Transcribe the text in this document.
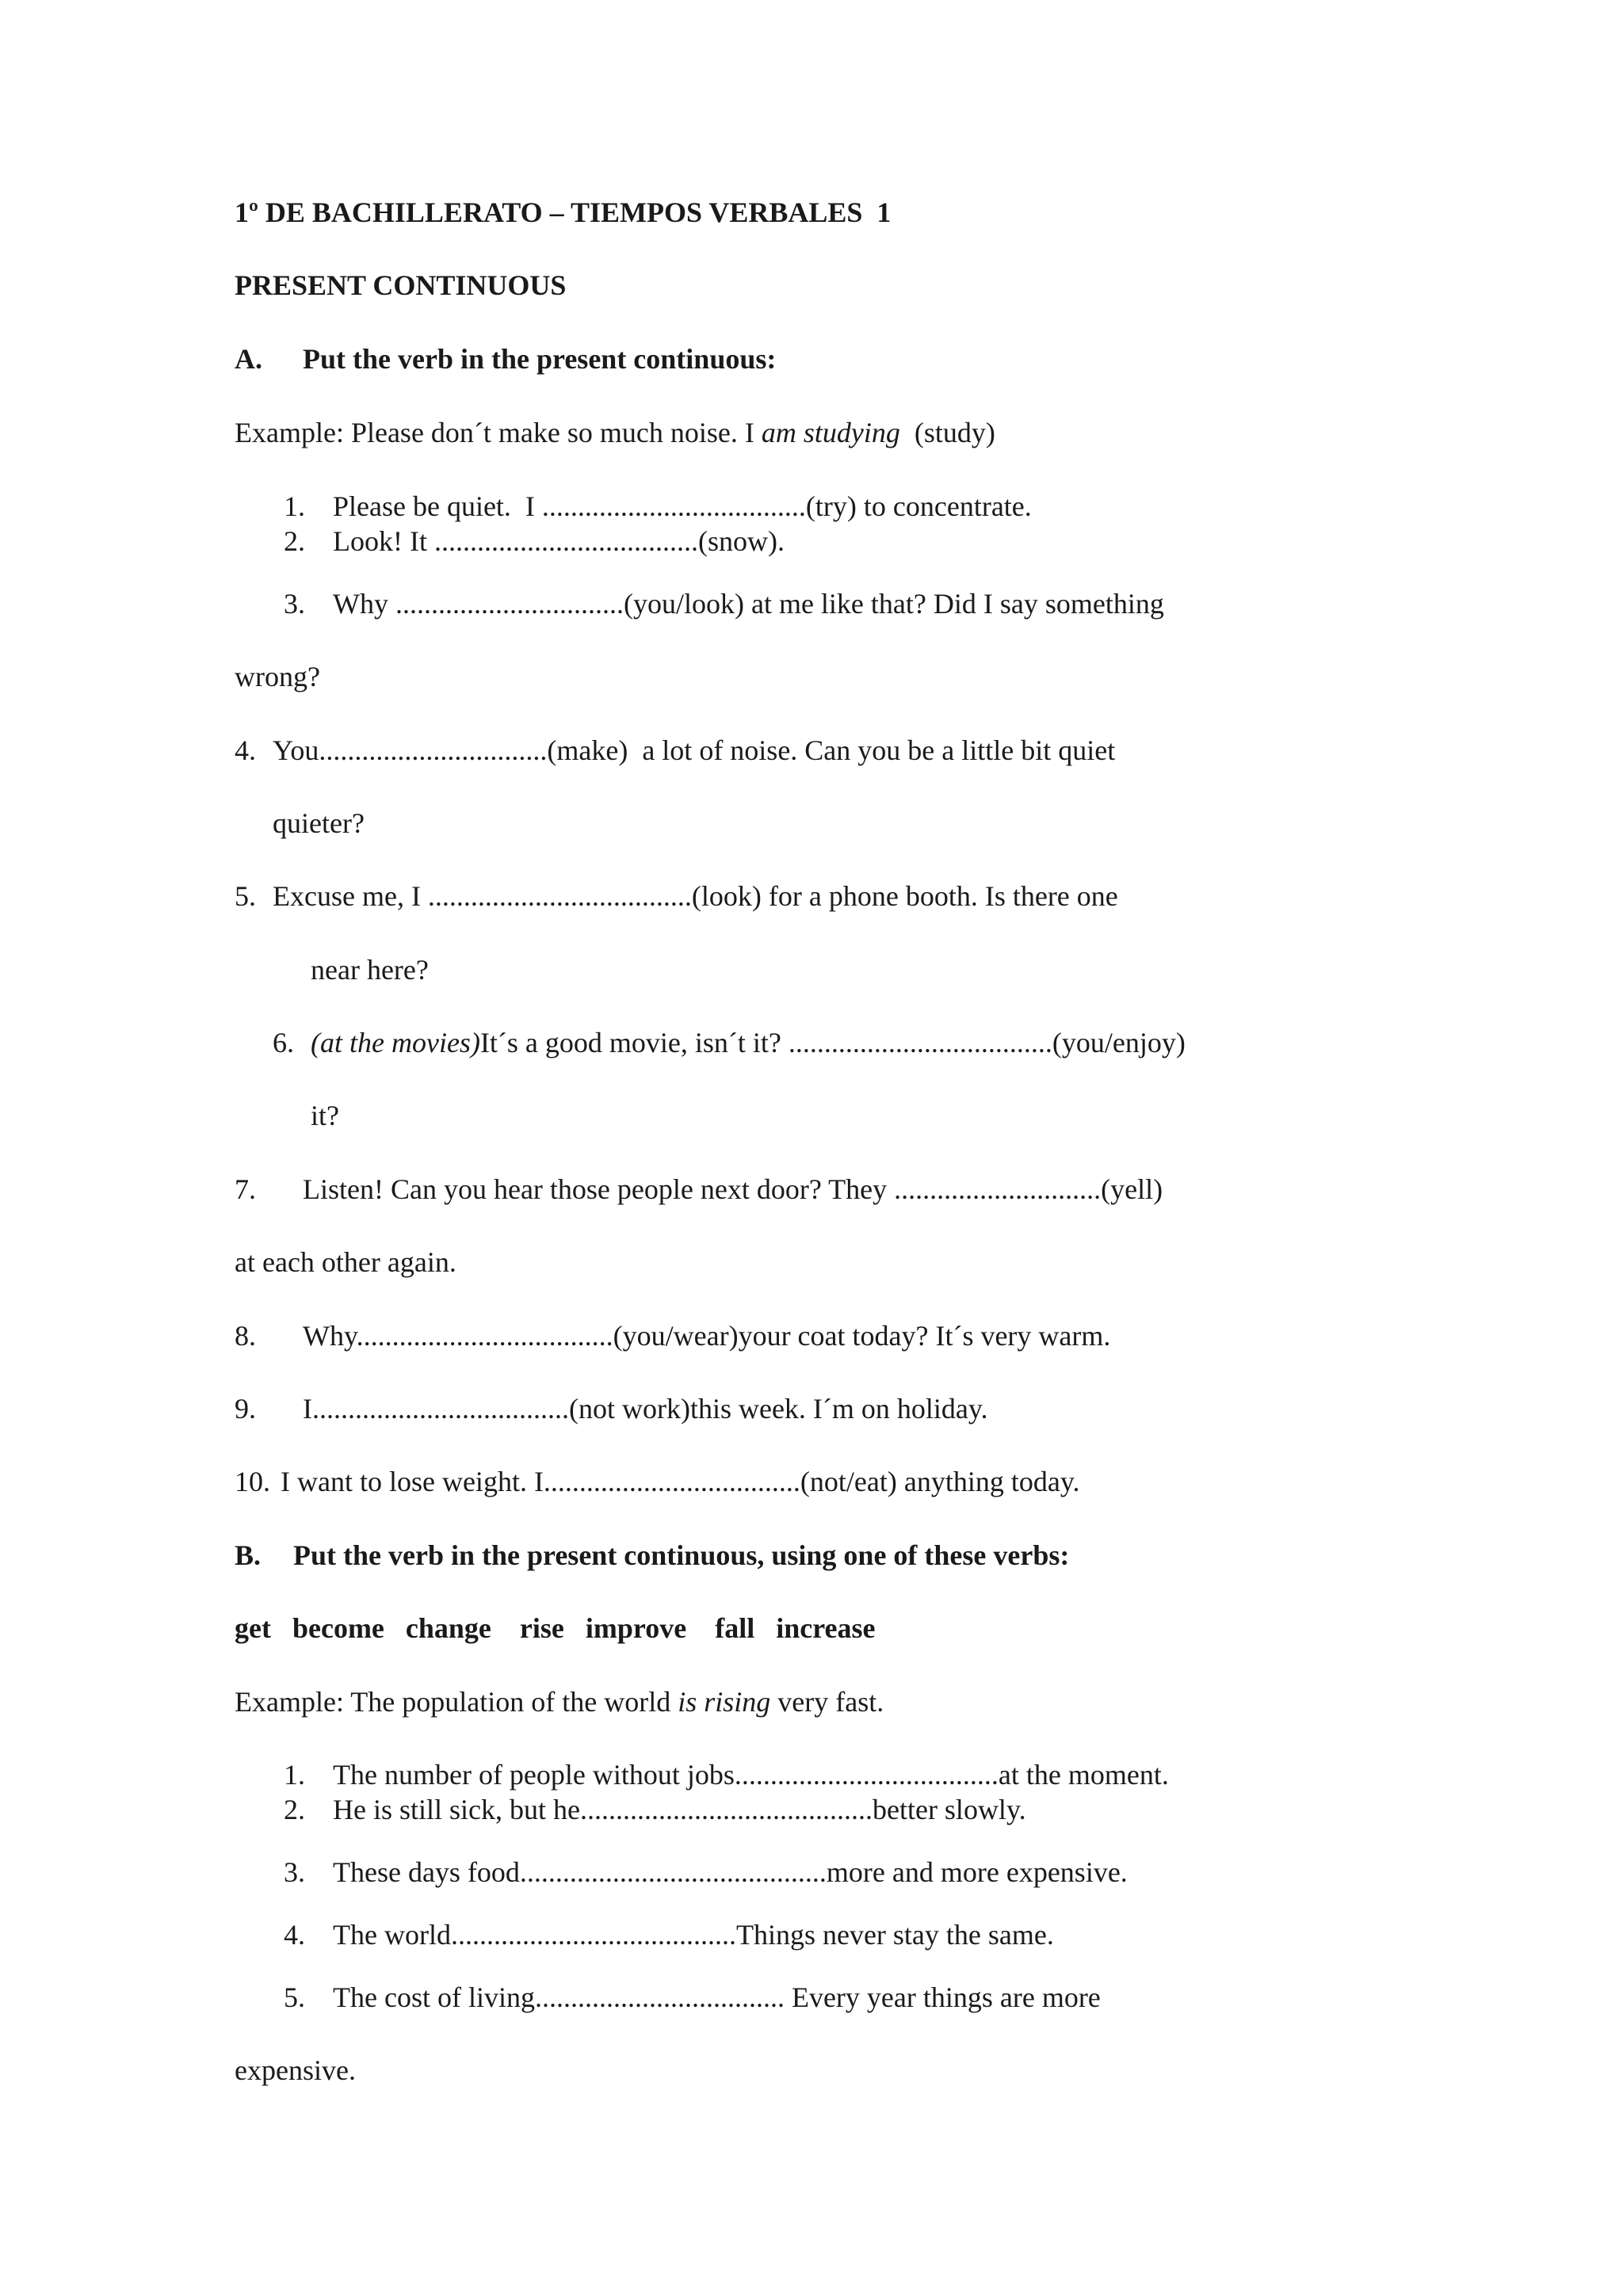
1º DE BACHILLERATO – TIEMPOS VERBALES  1
PRESENT CONTINUOUS
A. Put the verb in the present continuous:
Example: Please don´t make so much noise. I am studying  (study)
1. Please be quiet.  I .....................................(try) to concentrate.
2. Look! It .....................................(snow).
3. Why ................................(you/look) at me like that? Did I say something
wrong?
4. You................................(make)  a lot of noise. Can you be a little bit quiet
quieter?
5. Excuse me, I .....................................(look) for a phone booth. Is there one
near here?
6. (at the movies)It´s a good movie, isn´t it? .....................................(you/enjoy)
it?
7. Listen! Can you hear those people next door? They .............................(yell)
at each other again.
8. Why....................................(you/wear)your coat today? It´s very warm.
9. I....................................(not work)this week. I´m on holiday.
10. I want to lose weight. I....................................(not/eat) anything today.
B. Put the verb in the present continuous, using one of these verbs:
get   become   change    rise   improve    fall   increase
Example: The population of the world is rising very fast.
1. The number of people without jobs.....................................at the moment.
2. He is still sick, but he.........................................better slowly.
3. These days food...........................................more and more expensive.
4. The world........................................Things never stay the same.
5. The cost of living................................... Every year things are more
expensive.
